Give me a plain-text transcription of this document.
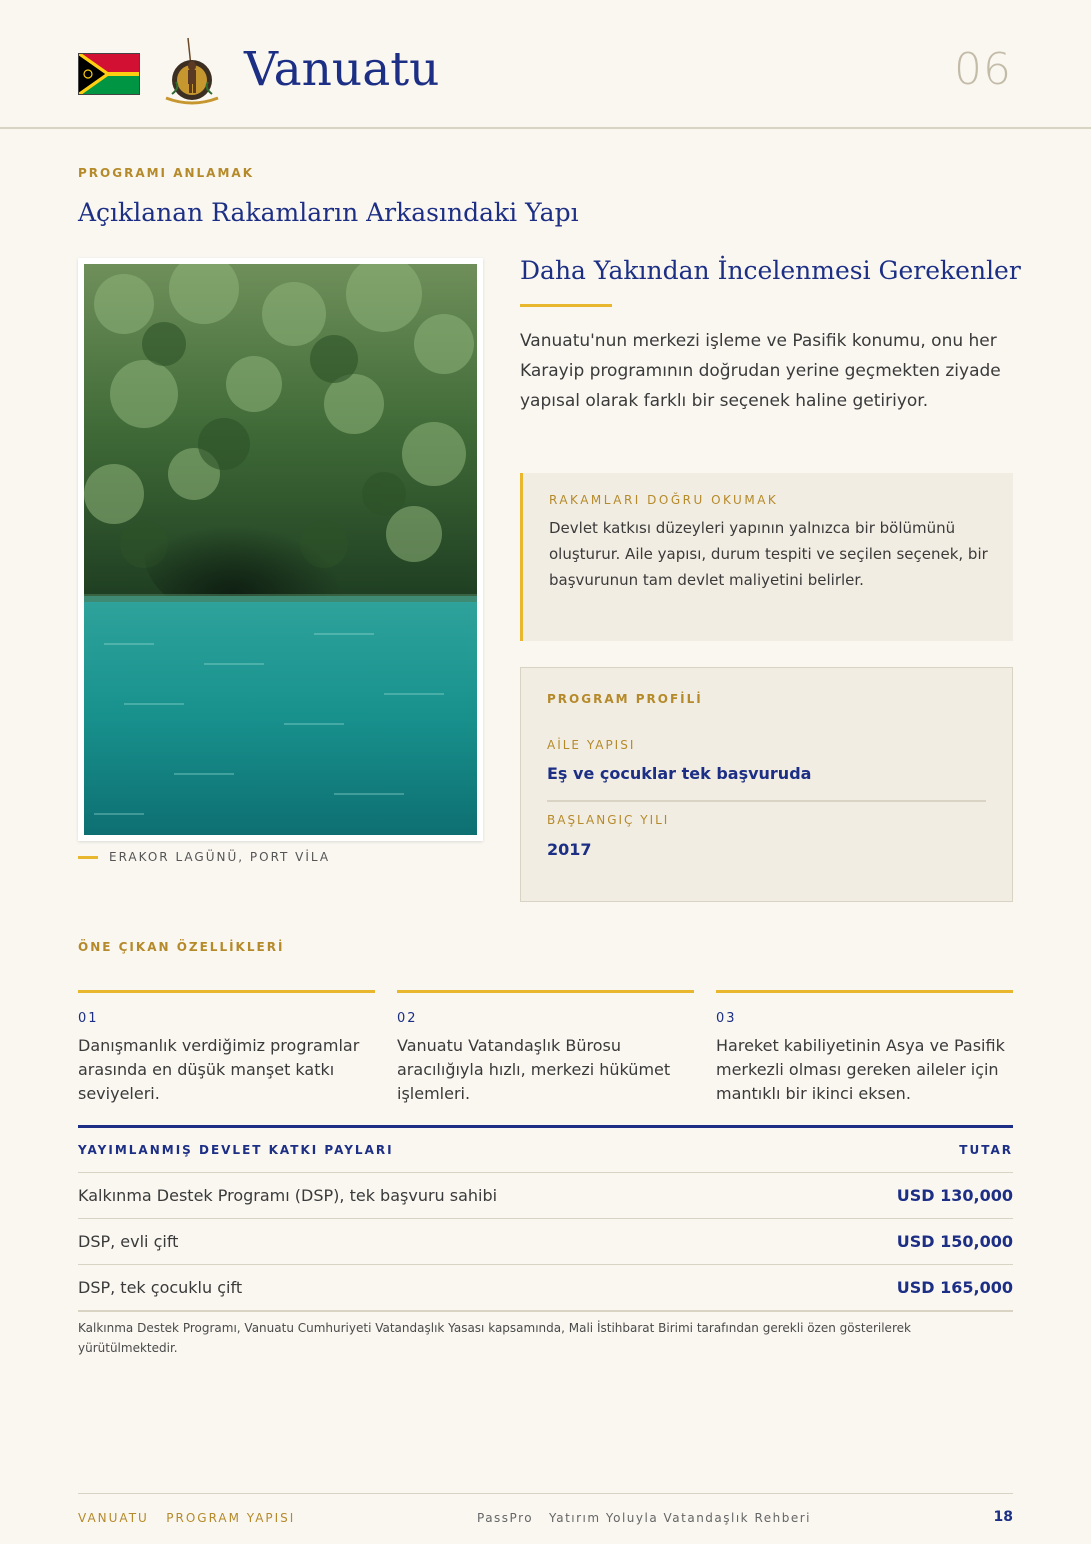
Vanuatu	06
PROGRAMI ANLAMAK
Açıklanan Rakamların Arkasındaki Yapı
ERAKOR LAGÜNÜ, PORT VİLA
Daha Yakından İncelenmesi Gerekenler
Vanuatu'nun merkezi işleme ve Pasifik konumu, onu her Karayip programının doğrudan yerine geçmekten ziyade yapısal olarak farklı bir seçenek haline getiriyor.
RAKAMLARI DOĞRU OKUMAK
Devlet katkısı düzeyleri yapının yalnızca bir bölümünü oluşturur. Aile yapısı, durum tespiti ve seçilen seçenek, bir başvurunun tam devlet maliyetini belirler.
PROGRAM PROFİLİ
AİLE YAPISI
Eş ve çocuklar tek başvuruda
BAŞLANGIÇ YILI
2017
ÖNE ÇIKAN ÖZELLİKLERİ
01
Danışmanlık verdiğimiz programlar arasında en düşük manşet katkı seviyeleri.
02
Vanuatu Vatandaşlık Bürosu aracılığıyla hızlı, merkezi hükümet işlemleri.
03
Hareket kabiliyetinin Asya ve Pasifik merkezli olması gereken aileler için mantıklı bir ikinci eksen.
YAYIMLANMIŞ DEVLET KATKI PAYLARI	TUTAR
Kalkınma Destek Programı (DSP), tek başvuru sahibi	USD 130,000
DSP, evli çift	USD 150,000
DSP, tek çocuklu çift	USD 165,000
Kalkınma Destek Programı, Vanuatu Cumhuriyeti Vatandaşlık Yasası kapsamında, Mali İstihbarat Birimi tarafından gerekli özen gösterilerek yürütülmektedir.
VANUATU   PROGRAM YAPISI	PassPro   Yatırım Yoluyla Vatandaşlık Rehberi	18
